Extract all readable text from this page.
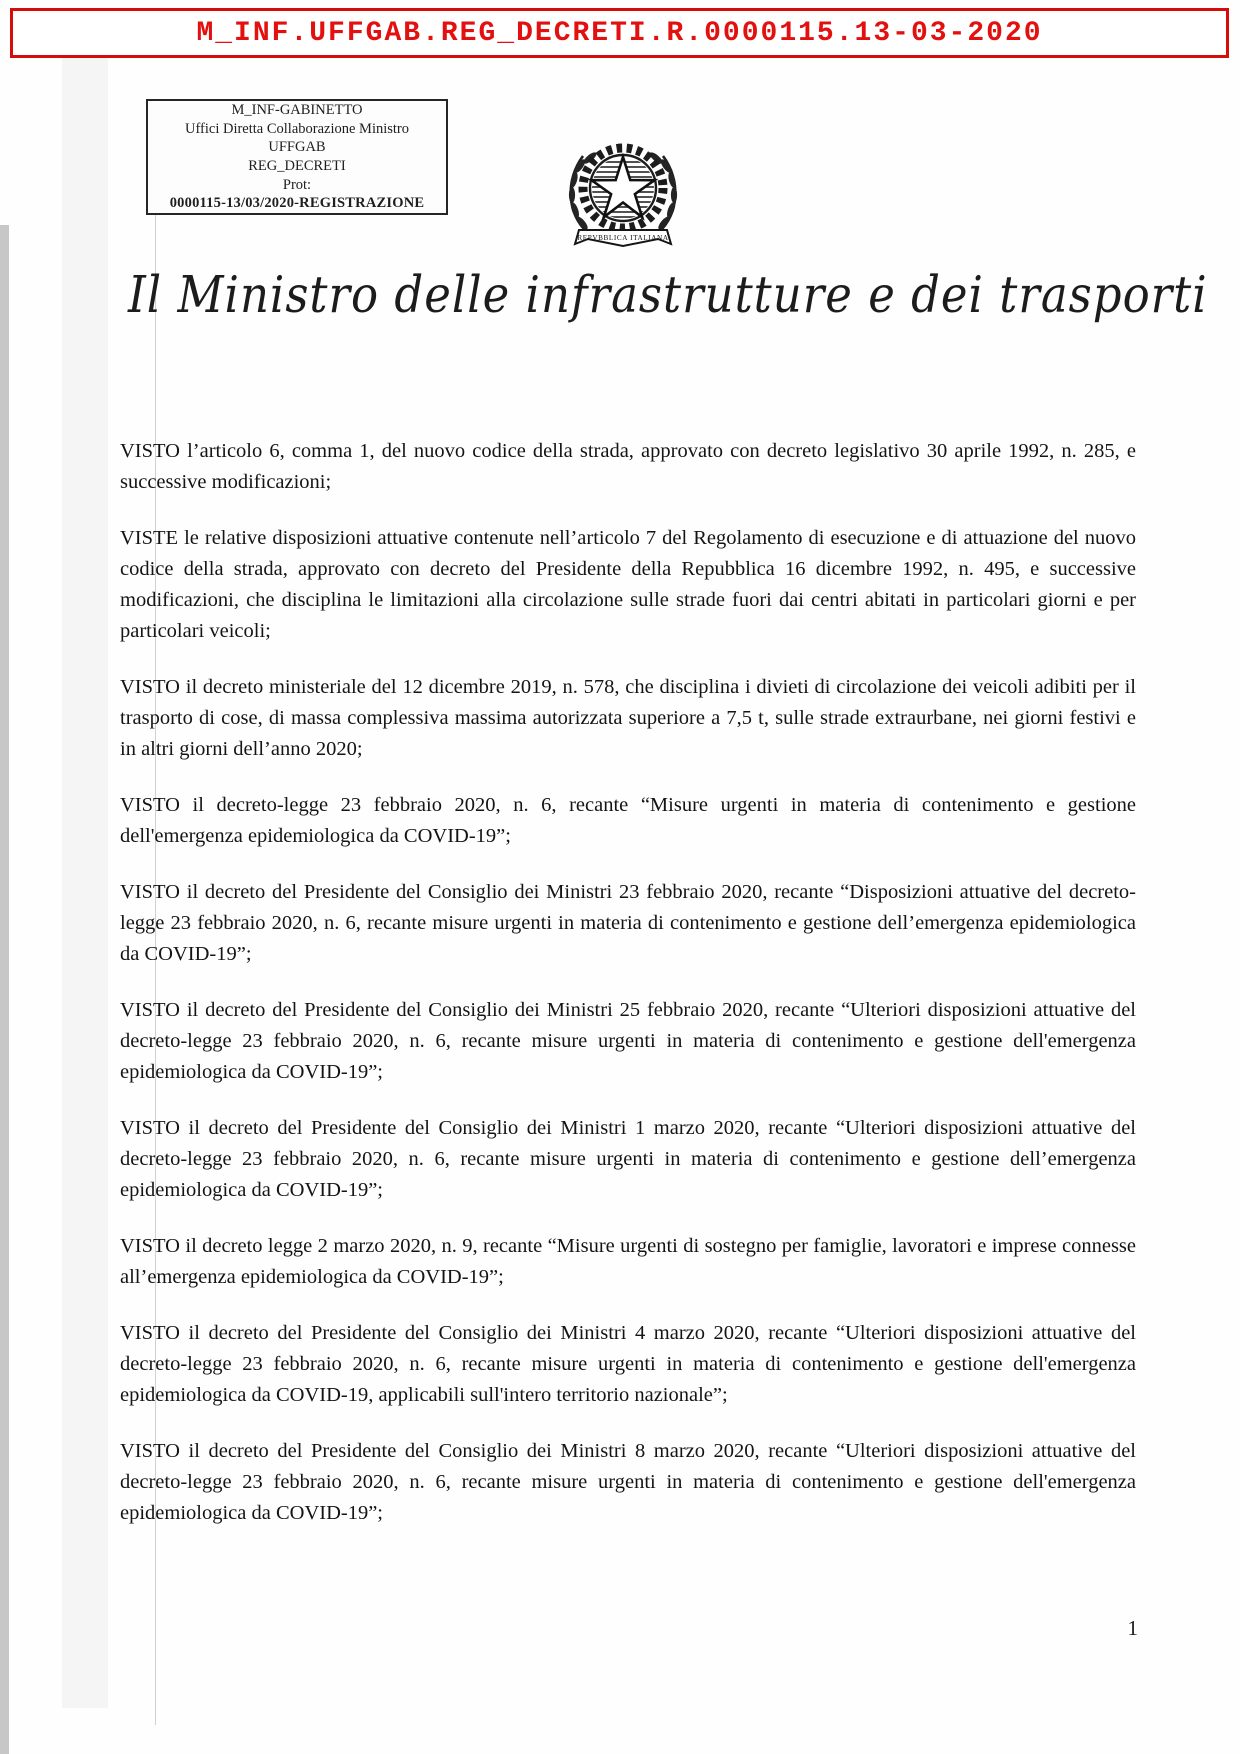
M_INF.UFFGAB.REG_DECRETI.R.0000115.13-03-2020
M_INF-GABINETTO
Uffici Diretta Collaborazione Ministro
UFFGAB
REG_DECRETI
Prot:
0000115-13/03/2020-REGISTRAZIONE
REPVBBLICA ITALIANA
Il Ministro delle infrastrutture e dei trasporti

VISTO l’articolo 6, comma 1, del nuovo codice della strada, approvato con decreto legislativo 30 aprile 1992, n. 285, e successive modificazioni;

VISTE le relative disposizioni attuative contenute nell’articolo 7 del Regolamento di esecuzione e di attuazione del nuovo codice della strada, approvato con decreto del Presidente della Repubblica 16 dicembre 1992, n. 495, e successive modificazioni, che disciplina le limitazioni alla circolazione sulle strade fuori dai centri abitati in particolari giorni e per particolari veicoli;

VISTO il decreto ministeriale del 12 dicembre 2019, n. 578, che disciplina i divieti di circolazione dei veicoli adibiti per il trasporto di cose, di massa complessiva massima autorizzata superiore a 7,5 t, sulle strade extraurbane, nei giorni festivi e in altri giorni dell’anno 2020;

VISTO il decreto-legge 23 febbraio 2020, n. 6, recante “Misure urgenti in materia di contenimento e gestione dell'emergenza epidemiologica da COVID-19”;

VISTO il decreto del Presidente del Consiglio dei Ministri 23 febbraio 2020, recante “Disposizioni attuative del decreto-legge 23 febbraio 2020, n. 6, recante misure urgenti in materia di contenimento e gestione dell’emergenza epidemiologica da COVID-19”;

VISTO il decreto del Presidente del Consiglio dei Ministri 25 febbraio 2020, recante “Ulteriori disposizioni attuative del decreto-legge 23 febbraio 2020, n. 6, recante misure urgenti in materia di contenimento e gestione dell'emergenza epidemiologica da COVID-19”;

VISTO il decreto del Presidente del Consiglio dei Ministri 1 marzo 2020, recante “Ulteriori disposizioni attuative del decreto-legge 23 febbraio 2020, n. 6, recante misure urgenti in materia di contenimento e gestione dell’emergenza epidemiologica da COVID-19”;

VISTO il decreto legge 2 marzo 2020, n. 9, recante “Misure urgenti di sostegno per famiglie, lavoratori e imprese connesse all’emergenza epidemiologica da COVID-19”;

VISTO il decreto del Presidente del Consiglio dei Ministri 4 marzo 2020, recante “Ulteriori disposizioni attuative del decreto-legge 23 febbraio 2020, n. 6, recante misure urgenti in materia di contenimento e gestione dell'emergenza epidemiologica da COVID-19, applicabili sull'intero territorio nazionale”;

VISTO il decreto del Presidente del Consiglio dei Ministri 8 marzo 2020, recante “Ulteriori disposizioni attuative del decreto-legge 23 febbraio 2020, n. 6, recante misure urgenti in materia di contenimento e gestione dell'emergenza epidemiologica da COVID-19”;

1
